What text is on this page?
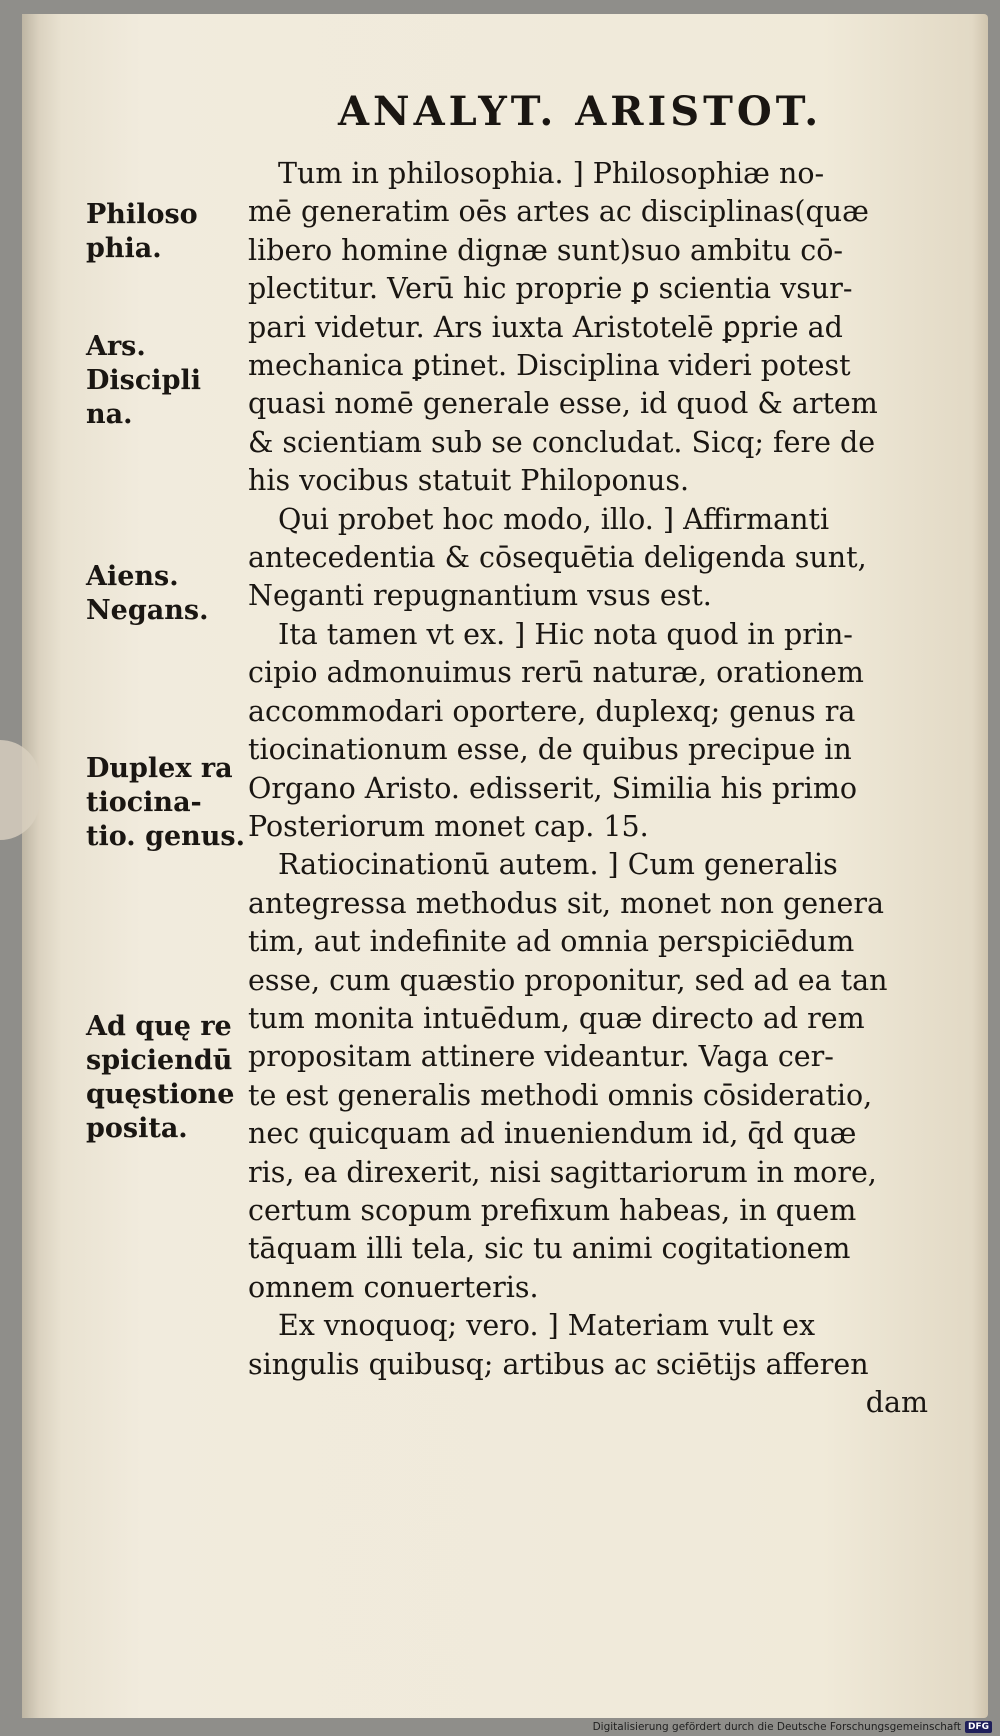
ANALYT. ARISTOT.
Tum in philosophia. ] Philosophiæ no-
mē generatim oēs artes ac disciplinas(quæ
libero homine dignæ sunt)suo ambitu cō-
plectitur. Verū hic proprie ꝑ scientia vsur-
pari videtur. Ars iuxta Aristotelē ꝑprie ad
mechanica ꝑtinet. Disciplina videri potest
quasi nomē generale esse, id quod & artem
& scientiam sub se concludat. Sicq; fere de
his vocibus statuit Philoponus.
Qui probet hoc modo, illo. ] Affirmanti
antecedentia & cōsequētia deligenda sunt,
Neganti repugnantium vsus est.
Ita tamen vt ex. ] Hic nota quod in prin-
cipio admonuimus rerū naturæ, orationem
accommodari oportere, duplexq; genus ra
tiocinationum esse, de quibus precipue in
Organo Aristo. edisserit, Similia his primo
Posteriorum monet cap. 15.
Ratiocinationū autem. ] Cum generalis
antegressa methodus sit, monet non genera
tim, aut indefinite ad omnia perspiciēdum
esse, cum quæstio proponitur, sed ad ea tan
tum monita intuēdum, quæ directo ad rem
propositam attinere videantur. Vaga cer-
te est generalis methodi omnis cōsideratio,
nec quicquam ad inueniendum id, q̄d quæ
ris, ea direxerit, nisi sagittariorum in more,
certum scopum prefixum habeas, in quem
tāquam illi tela, sic tu animi cogitationem
omnem conuerteris.
Ex vnoquoq; vero. ] Materiam vult ex
singulis quibusq; artibus ac sciētijs afferen
dam
Philoso
phia.
Ars.
Discipli
na.
Aiens.
Negans.
Duplex ra
tiocina-
tio. genus.
Ad quę re
spiciendū
quęstione
posita.
Digitalisierung gefördert durch die Deutsche Forschungsgemeinschaft DFG
